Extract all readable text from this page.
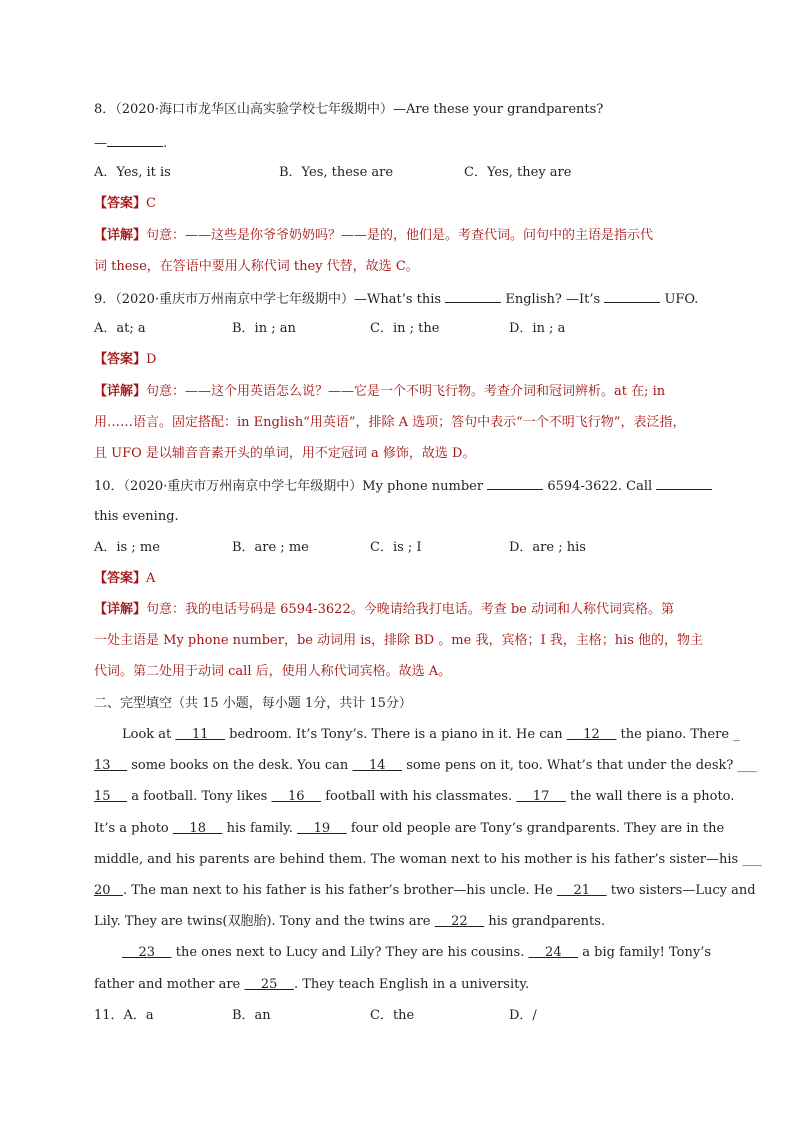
8．（2020·海口市龙华区山高实验学校七年级期中）—Are these your grandparents?
—	.
A．Yes, it is	B．Yes, these are	C．Yes, they are
【答案】C
【详解】句意：——这些是你爷爷奶奶吗？——是的，他们是。考查代词。问句中的主语是指示代
词 these，在答语中要用人称代词 they 代替，故选 C。
9．（2020·重庆市万州南京中学七年级期中）—What’s this	English? —It’s	UFO.
A．at; a	B．in ; an	C．in ; the	D．in ; a
【答案】D
【详解】句意：——这个用英语怎么说？——它是一个不明飞行物。考查介词和冠词辨析。at 在; in
用……语言。固定搭配：in English“用英语”，排除 A 选项；答句中表示“一个不明飞行物”，表泛指，
且 UFO 是以辅音音素开头的单词，用不定冠词 a 修饰，故选 D。
10．（2020·重庆市万州南京中学七年级期中）My phone number	6594-3622. Call
this evening.
A．is ; me	B．are ; me	C．is ; I	D．are ; his
【答案】A
【详解】句意：我的电话号码是 6594-3622。今晚请给我打电话。考查 be 动词和人称代词宾格。第
一处主语是 My phone number，be 动词用 is，排除 BD 。me 我，宾格；I 我，主格；his 他的，物主
代词。第二处用于动词 call 后，使用人称代词宾格。故选 A。
二、完型填空（共 15 小题，每小题 1分，共计 15分）
Look at 11 bedroom. It’s Tony’s. There is a piano in it. He can 12 the piano. There _
13 some books on the desk. You can 14 some pens on it, too. What’s that under the desk? ___
15 a football. Tony likes 16 football with his classmates. 17 the wall there is a photo.
It’s a photo 18 his family. 19 four old people are Tony’s grandparents. They are in the
middle, and his parents are behind them. The woman next to his mother is his father’s sister—his ___
20 . The man next to his father is his father’s brother—his uncle. He 21 two sisters—Lucy and
Lily. They are twins(双胞胎). Tony and the twins are 22 his grandparents.
23 the ones next to Lucy and Lily? They are his cousins. 24 a big family! Tony’s
father and mother are 25 . They teach English in a university.
11．A．a	B．an	C．the	D．/
